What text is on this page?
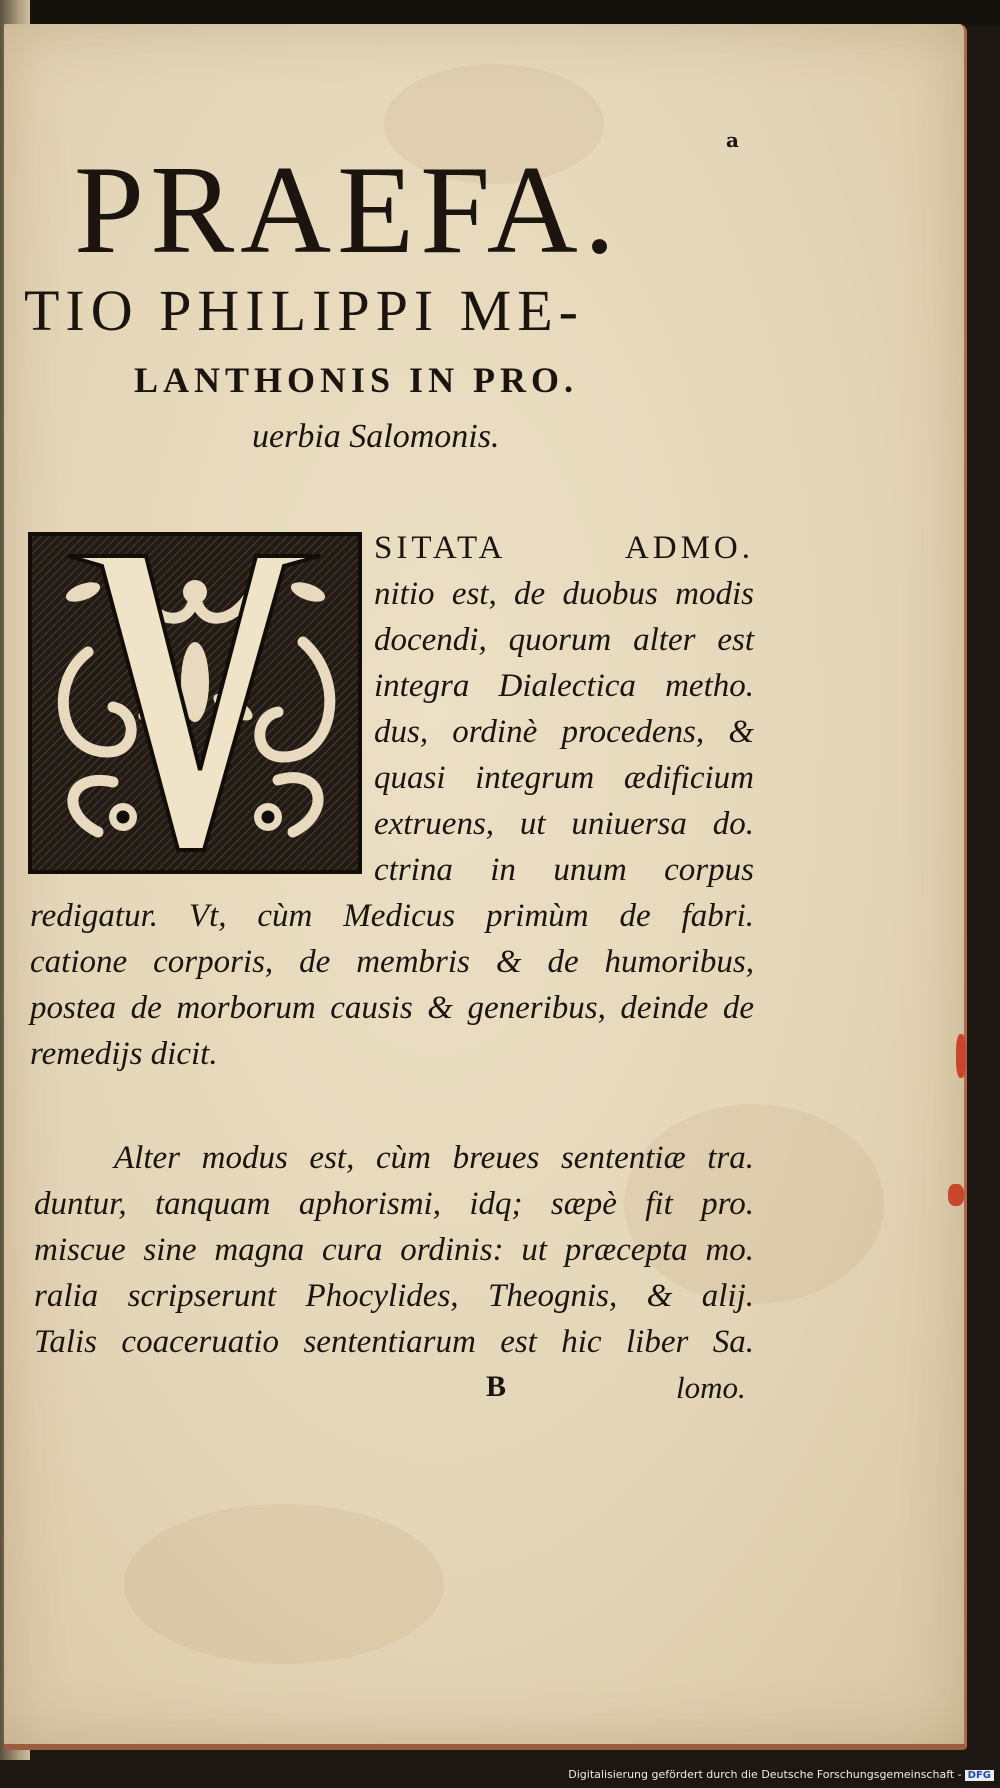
a
PRAEFA.
TIO PHILIPPI ME-
LANTHONIS IN PRO.
uerbia Salomonis.
SITATA ADMO.
nitio est, de duobus modis
docendi, quorum alter est
integra Dialectica metho.
dus, ordinè procedens, &
quasi integrum ædificium
extruens, ut uniuersa do.
ctrina in unum corpus
redigatur. Vt, cùm Medicus primùm de fabri.
catione corporis, de membris & de humoribus,
postea de morborum causis & generibus, deinde de
remedijs dicit.
Alter modus est, cùm breues sententiæ tra.
duntur, tanquam aphorismi, idq; sæpè fit pro.
miscue sine magna cura ordinis: ut præcepta mo.
ralia scripserunt Phocylides, Theognis, & alij.
Talis coaceruatio sententiarum est hic liber Sa.
B	lomo.
Digitalisierung gefördert durch die Deutsche Forschungsgemeinschaft - DFG
